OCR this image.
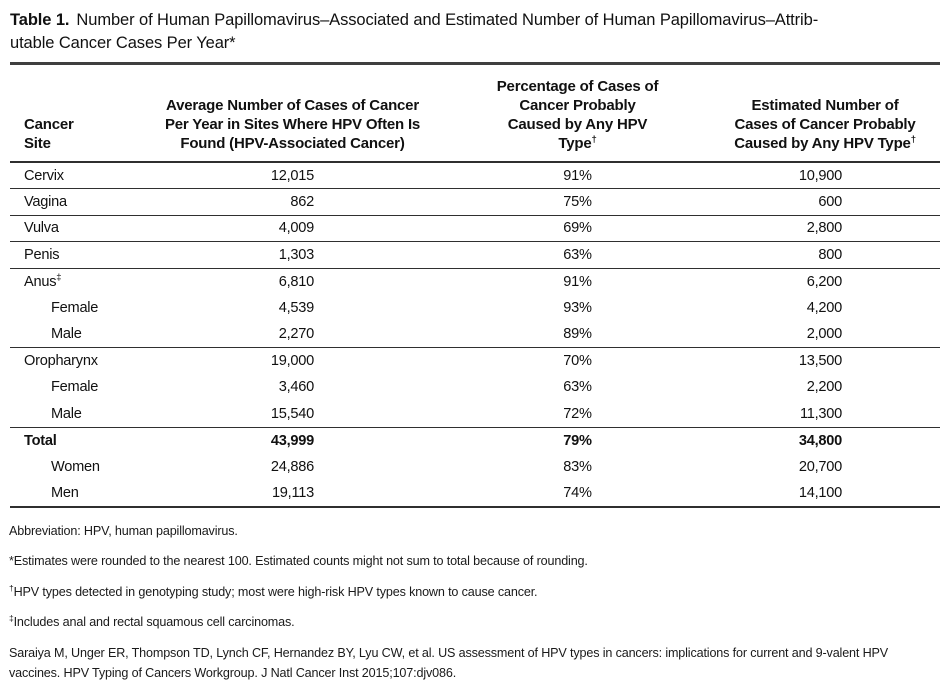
Table 1. Number of Human Papillomavirus–Associated and Estimated Number of Human Papillomavirus–Attrib-
utable Cancer Cases Per Year*
Cancer
Site

Average Number of Cases of Cancer
Per Year in Sites Where HPV Often Is
Found (HPV-Associated Cancer)

Percentage of Cases of
Cancer Probably
Caused by Any HPV
Type†

Estimated Number of
Cases of Cancer Probably
Caused by Any HPV Type†

Cervix	12,015	91%	10,900
Vagina	862	75%	600
Vulva	4,009	69%	2,800
Penis	1,303	63%	800
Anus‡	6,810	91%	6,200
Female	4,539	93%	4,200
Male	2,270	89%	2,000
Oropharynx	19,000	70%	13,500
Female	3,460	63%	2,200
Male	15,540	72%	11,300
Total	43,999	79%	34,800
Women	24,886	83%	20,700
Men	19,113	74%	14,100
Abbreviation: HPV, human papillomavirus.
*Estimates were rounded to the nearest 100. Estimated counts might not sum to total because of rounding.
†HPV types detected in genotyping study; most were high-risk HPV types known to cause cancer.
‡Includes anal and rectal squamous cell carcinomas.
Saraiya M, Unger ER, Thompson TD, Lynch CF, Hernandez BY, Lyu CW, et al. US assessment of HPV types in cancers: implications for current and 9-valent HPV vaccines. HPV Typing of Cancers Workgroup. J Natl Cancer Inst 2015;107:djv086.
